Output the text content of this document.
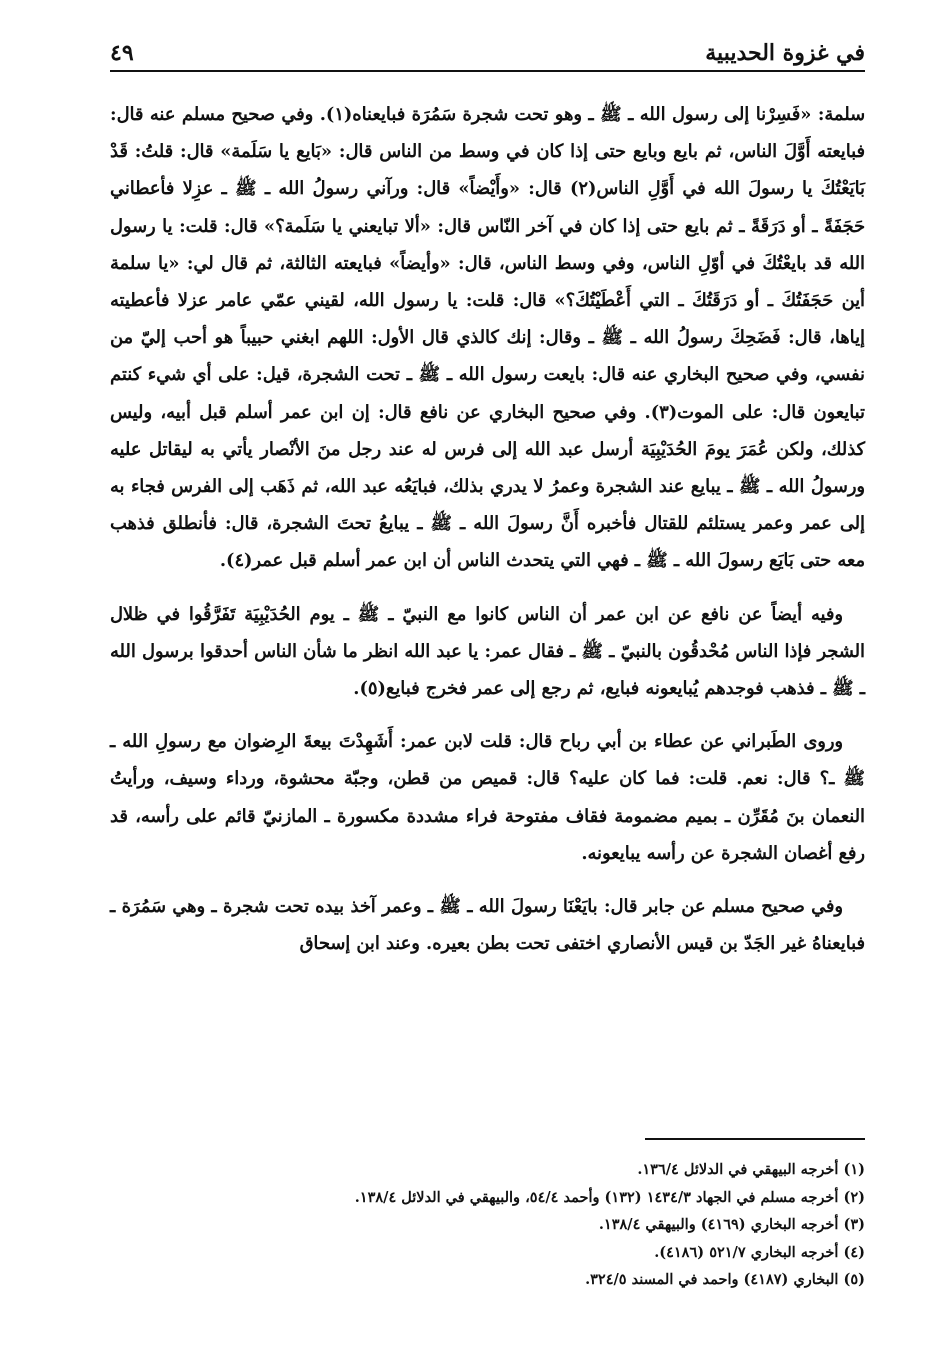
في غزوة الحديبية
٤٩

سلمة: «فَسِرْنا إلى رسول الله ـ ﷺ ـ وهو تحت شجرة سَمُرَة فبايعناه(١). وفي صحيح مسلم عنه قال: فبايعته أَوَّلَ الناس، ثم بايع وبايع حتى إذا كان في وسط من الناس قال: «بَايع يا سَلَمة» قال: قلتُ: قَدْ بَايَعْتُكَ يا رسولَ الله في أَوَّلِ الناس(٢) قال: «وأَيْضاً» قال: ورآني رسولُ الله ـ ﷺ ـ عزِلا فأعطاني حَجَفَةً ـ أو دَرَقَةً ـ ثم بايع حتى إذا كان في آخر النّاس قال: «ألا تبايعني يا سَلَمة؟» قال: قلت: يا رسول الله قد بايعْتُكَ في أوّلِ الناس، وفي وسط الناس، قال: «وأيضاً» فبايعته الثالثة، ثم قال لي: «يا سلمة أين حَجَفَتُكَ ـ أو دَرَقَتُكَ ـ التي أَعْطَيْتُكَ؟» قال: قلت: يا رسول الله، لقيني عمّي عامر عزلا فأعطيته إياها، قال: فَضَحِكَ رسولُ الله ـ ﷺ ـ وقال: إنك كالذي قال الأول: اللهم ابغني حبيباً هو أحب إليّ من نفسي، وفي صحيح البخاري عنه قال: بايعت رسول الله ـ ﷺ ـ تحت الشجرة، قيل: على أي شيء كنتم تبايعون قال: على الموت(٣). وفي صحيح البخاري عن نافع قال: إن ابن عمر أسلم قبل أبيه، وليس كذلك، ولكن عُمَرَ يومَ الحُدَيْبِيَة أرسل عبد الله إلى فرس له عند رجل منَ الأنْصار يأتي به ليقاتل عليه ورسولُ الله ـ ﷺ ـ يبايع عند الشجرة وعمرُ لا يدري بذلك، فبايَعُه عبد الله، ثم ذَهَب إلى الفرس فجاء به إلى عمر وعمر يستلئم للقتال فأخبره أَنَّ رسولَ الله ـ ﷺ ـ يبايعُ تحتَ الشجرة، قال: فأنطلق فذهب معه حتى بَايَع رسولَ الله ـ ﷺ ـ فهي التي يتحدث الناس أن ابن عمر أسلم قبل عمر(٤).

وفيه أيضاً عن نافع عن ابن عمر أن الناس كانوا مع النبيّ ـ ﷺ ـ يوم الحُدَيْبِيَة تَفَرَّقُوا في ظلال الشجر فإذا الناس مُحْدقُون بالنبيّ ـ ﷺ ـ فقال عمر: يا عبد الله انظر ما شأن الناس أحدقوا برسول الله ـ ﷺ ـ فذهب فوجدهم يُبايعونه فبايع، ثم رجع إلى عمر فخرج فبايع(٥).

وروى الطَبراني عن عطاء بن أبي رباح قال: قلت لابن عمر: أَشَهِدْتَ بيعةَ الرِضوان مع رسولِ الله ـ ﷺ ـ؟ قال: نعم. قلت: فما كان عليه؟ قال: قميص من قطن، وجبّة محشوة، ورداء وسيف، ورأيتُ النعمان بنَ مُقَرِّن ـ بميم مضمومة فقاف مفتوحة فراء مشددة مكسورة ـ المازنيّ قائم على رأسه، قد رفع أغصان الشجرة عن رأسه يبايعونه.

وفي صحيح مسلم عن جابر قال: بايَعْنَا رسولَ الله ـ ﷺ ـ وعمر آخذ بيده تحت شجرة ـ وهي سَمُرَة ـ فبايعناهُ غير الجَدّ بن قيس الأنصاري اختفى تحت بطن بعيره. وعند ابن إسحاق

(١) أخرجه البيهقي في الدلائل ١٣٦/٤.
(٢) أخرجه مسلم في الجهاد ١٤٣٤/٣ (١٣٢) وأحمد ٥٤/٤، والبيهقي في الدلائل ١٣٨/٤.
(٣) أخرجه البخاري (٤١٦٩) والبيهقي ١٣٨/٤.
(٤) أخرجه البخاري ٥٢١/٧ (٤١٨٦).
(٥) البخاري (٤١٨٧) واحمد في المسند ٣٢٤/٥.
